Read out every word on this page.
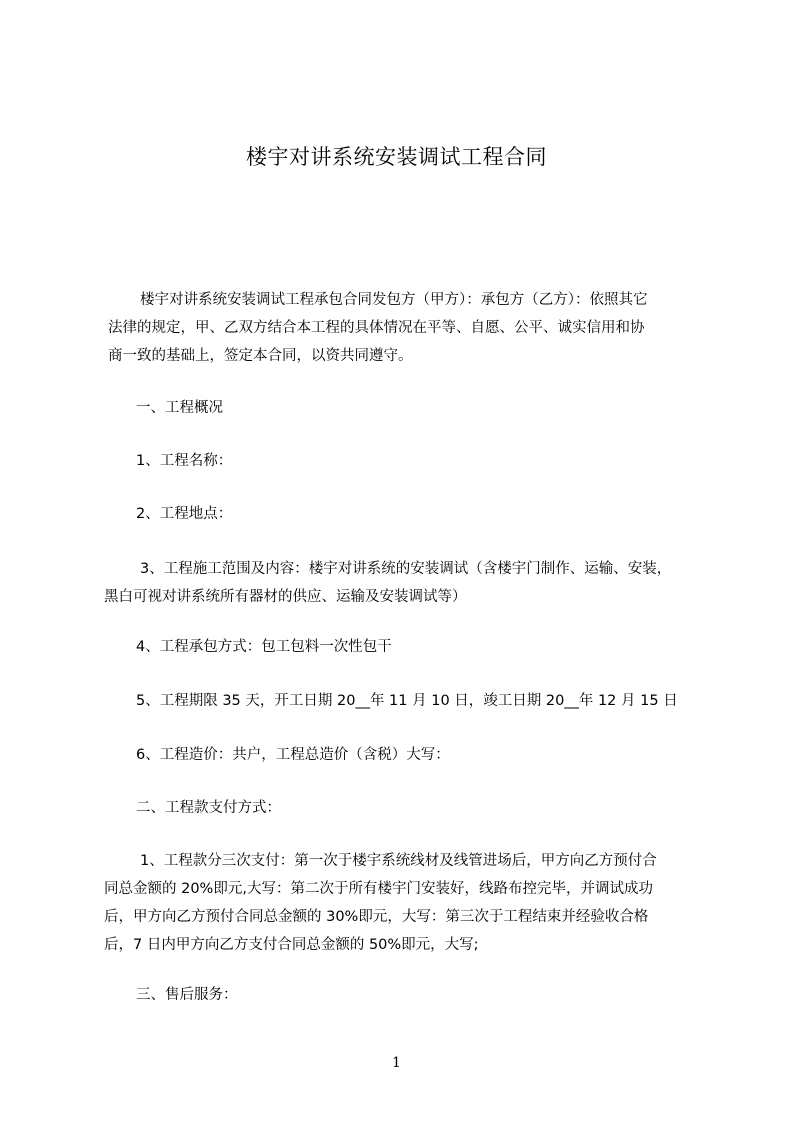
楼宇对讲系统安装调试工程合同
楼宇对讲系统安装调试工程承包合同发包方（甲方）：承包方（乙方）：依照其它
法律的规定，甲、乙双方结合本工程的具体情况在平等、自愿、公平、诚实信用和协
商一致的基础上，签定本合同，以资共同遵守。
一、工程概况
1、工程名称：
2、工程地点：
3、工程施工范围及内容：楼宇对讲系统的安装调试（含楼宇门制作、运输、安装，
黑白可视对讲系统所有器材的供应、运输及安装调试等）
4、工程承包方式：包工包料一次性包干
5、工程期限 35 天，开工日期 20__年 11 月 10 日，竣工日期 20__年 12 月 15 日
6、工程造价：共户，工程总造价（含税）大写：
二、工程款支付方式：
1、工程款分三次支付：第一次于楼宇系统线材及线管进场后，甲方向乙方预付合
同总金额的 20%即元,大写：第二次于所有楼宇门安装好，线路布控完毕，并调试成功
后，甲方向乙方预付合同总金额的 30%即元，大写：第三次于工程结束并经验收合格
后，7 日内甲方向乙方支付合同总金额的 50%即元，大写;
三、售后服务：
1
